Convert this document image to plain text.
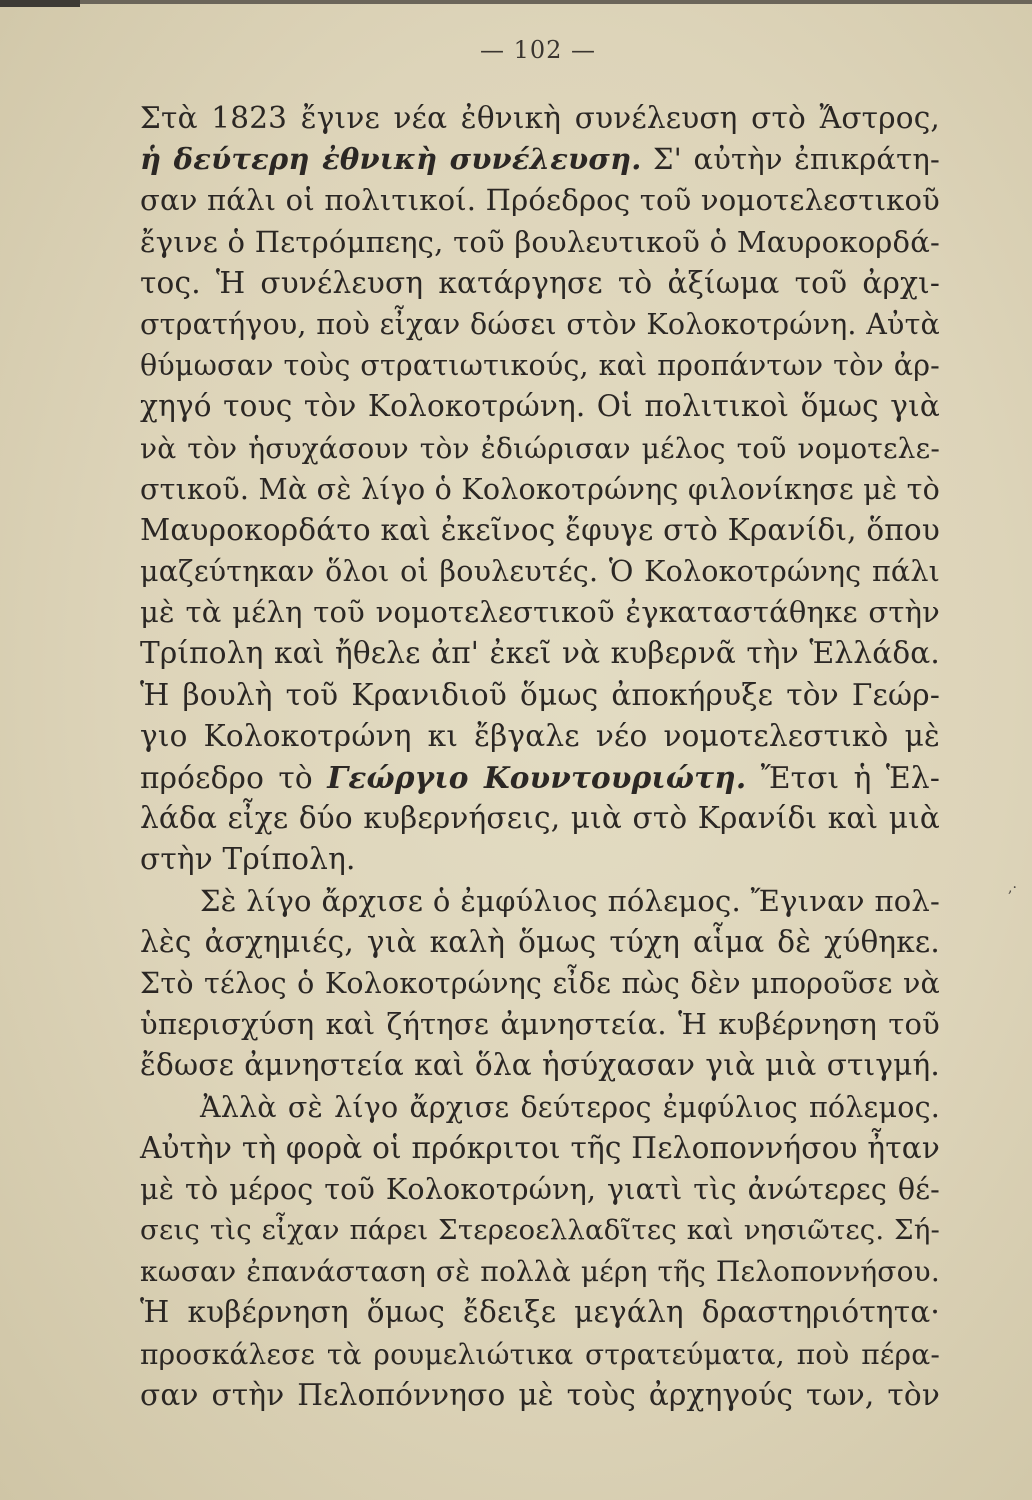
— 102 —
Στὰ 1823 ἔγινε νέα ἐθνικὴ συνέλευση στὸ Ἄστρος,
ἡ δεύτερη ἐθνικὴ συνέλευση. Σ' αὐτὴν ἐπικράτη-
σαν πάλι οἱ πολιτικοί. Πρόεδρος τοῦ νομοτελεστικοῦ
ἔγινε ὁ Πετρόμπεης, τοῦ βουλευτικοῦ ὁ Μαυροκορδά-
τος. Ἡ συνέλευση κατάργησε τὸ ἀξίωμα τοῦ ἀρχι-
στρατήγου, ποὺ εἶχαν δώσει στὸν Κολοκοτρώνη. Αὐτὰ
θύμωσαν τοὺς στρατιωτικούς, καὶ προπάντων τὸν ἀρ-
χηγό τους τὸν Κολοκοτρώνη. Οἱ πολιτικοὶ ὅμως γιὰ
νὰ τὸν ἡσυχάσουν τὸν ἐδιώρισαν μέλος τοῦ νομοτελε-
στικοῦ. Μὰ σὲ λίγο ὁ Κολοκοτρώνης φιλονίκησε μὲ τὸ
Μαυροκορδάτο καὶ ἐκεῖνος ἔφυγε στὸ Κρανίδι, ὅπου
μαζεύτηκαν ὅλοι οἱ βουλευτές. Ὁ Κολοκοτρώνης πάλι
μὲ τὰ μέλη τοῦ νομοτελεστικοῦ ἐγκαταστάθηκε στὴν
Τρίπολη καὶ ἤθελε ἀπ' ἐκεῖ νὰ κυβερνᾶ τὴν Ἑλλάδα.
Ἡ βουλὴ τοῦ Κρανιδιοῦ ὅμως ἀποκήρυξε τὸν Γεώρ-
γιο Κολοκοτρώνη κι ἔβγαλε νέο νομοτελεστικὸ μὲ
πρόεδρο τὸ Γεώργιο Κουντουριώτη. Ἔτσι ἡ Ἑλ-
λάδα εἶχε δύο κυβερνήσεις, μιὰ στὸ Κρανίδι καὶ μιὰ
στὴν Τρίπολη.
Σὲ λίγο ἄρχισε ὁ ἐμφύλιος πόλεμος. Ἔγιναν πολ-
λὲς ἀσχημιές, γιὰ καλὴ ὅμως τύχη αἷμα δὲ χύθηκε.
Στὸ τέλος ὁ Κολοκοτρώνης εἶδε πὼς δὲν μποροῦσε νὰ
ὑπερισχύση καὶ ζήτησε ἀμνηστεία. Ἡ κυβέρνηση τοῦ
ἔδωσε ἀμνηστεία καὶ ὅλα ἡσύχασαν γιὰ μιὰ στιγμή.
Ἀλλὰ σὲ λίγο ἄρχισε δεύτερος ἐμφύλιος πόλεμος.
Αὐτὴν τὴ φορὰ οἱ πρόκριτοι τῆς Πελοποννήσου ἦταν
μὲ τὸ μέρος τοῦ Κολοκοτρώνη, γιατὶ τὶς ἀνώτερες θέ-
σεις τὶς εἶχαν πάρει Στερεοελλαδῖτες καὶ νησιῶτες. Σή-
κωσαν ἐπανάσταση σὲ πολλὰ μέρη τῆς Πελοποννήσου.
Ἡ κυβέρνηση ὅμως ἔδειξε μεγάλη δραστηριότητα·
προσκάλεσε τὰ ρουμελιώτικα στρατεύματα, ποὺ πέρα-
σαν στὴν Πελοπόννησο μὲ τοὺς ἀρχηγούς των, τὸν
,·
